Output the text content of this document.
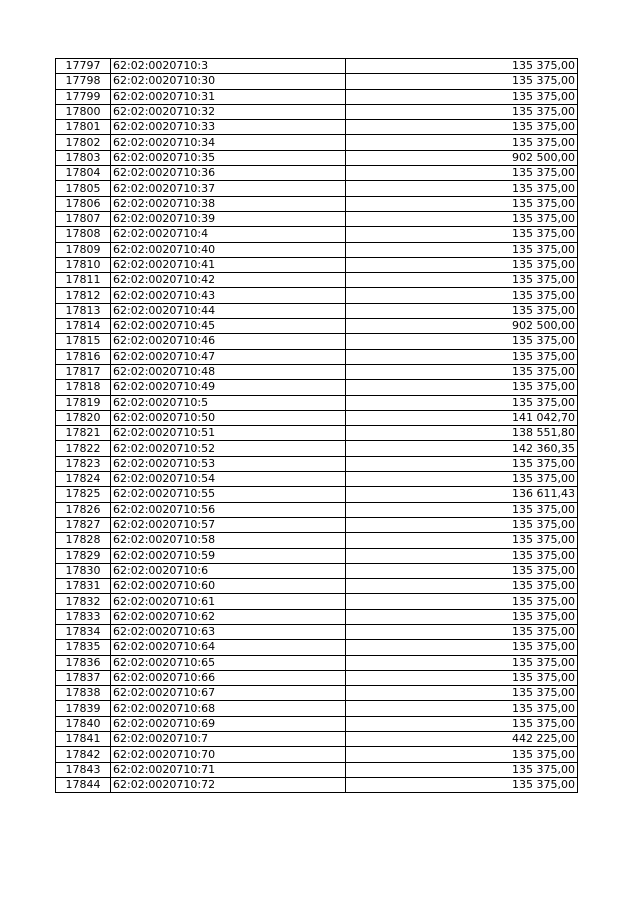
17797	62:02:0020710:3	135 375,00
17798	62:02:0020710:30	135 375,00
17799	62:02:0020710:31	135 375,00
17800	62:02:0020710:32	135 375,00
17801	62:02:0020710:33	135 375,00
17802	62:02:0020710:34	135 375,00
17803	62:02:0020710:35	902 500,00
17804	62:02:0020710:36	135 375,00
17805	62:02:0020710:37	135 375,00
17806	62:02:0020710:38	135 375,00
17807	62:02:0020710:39	135 375,00
17808	62:02:0020710:4	135 375,00
17809	62:02:0020710:40	135 375,00
17810	62:02:0020710:41	135 375,00
17811	62:02:0020710:42	135 375,00
17812	62:02:0020710:43	135 375,00
17813	62:02:0020710:44	135 375,00
17814	62:02:0020710:45	902 500,00
17815	62:02:0020710:46	135 375,00
17816	62:02:0020710:47	135 375,00
17817	62:02:0020710:48	135 375,00
17818	62:02:0020710:49	135 375,00
17819	62:02:0020710:5	135 375,00
17820	62:02:0020710:50	141 042,70
17821	62:02:0020710:51	138 551,80
17822	62:02:0020710:52	142 360,35
17823	62:02:0020710:53	135 375,00
17824	62:02:0020710:54	135 375,00
17825	62:02:0020710:55	136 611,43
17826	62:02:0020710:56	135 375,00
17827	62:02:0020710:57	135 375,00
17828	62:02:0020710:58	135 375,00
17829	62:02:0020710:59	135 375,00
17830	62:02:0020710:6	135 375,00
17831	62:02:0020710:60	135 375,00
17832	62:02:0020710:61	135 375,00
17833	62:02:0020710:62	135 375,00
17834	62:02:0020710:63	135 375,00
17835	62:02:0020710:64	135 375,00
17836	62:02:0020710:65	135 375,00
17837	62:02:0020710:66	135 375,00
17838	62:02:0020710:67	135 375,00
17839	62:02:0020710:68	135 375,00
17840	62:02:0020710:69	135 375,00
17841	62:02:0020710:7	442 225,00
17842	62:02:0020710:70	135 375,00
17843	62:02:0020710:71	135 375,00
17844	62:02:0020710:72	135 375,00
